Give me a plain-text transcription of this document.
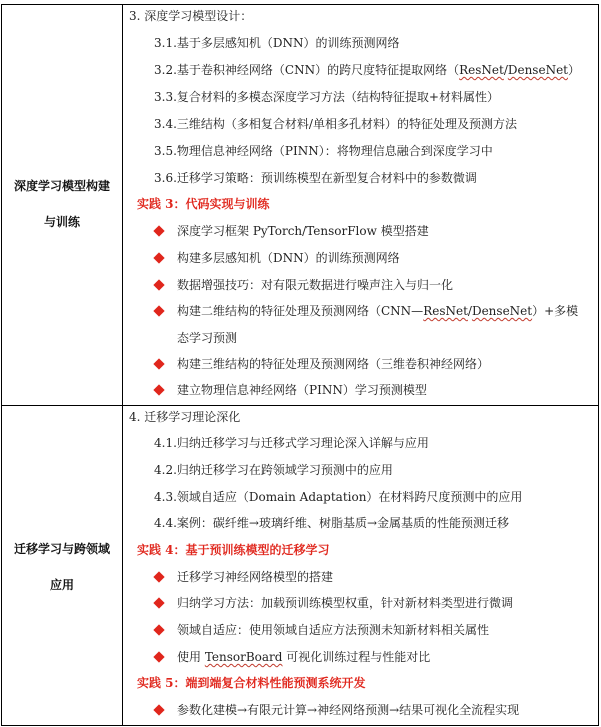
深度学习模型构建
与训练
3. 深度学习模型设计：
3.1.基于多层感知机（DNN）的训练预测网络
3.2.基于卷积神经网络（CNN）的跨尺度特征提取网络（ResNet/DenseNet）
3.3.复合材料的多模态深度学习方法（结构特征提取+材料属性）
3.4.三维结构（多相复合材料/单相多孔材料）的特征处理及预测方法
3.5.物理信息神经网络（PINN）：将物理信息融合到深度学习中
3.6.迁移学习策略：预训练模型在新型复合材料中的参数微调
实践 3：代码实现与训练
深度学习框架 PyTorch/TensorFlow 模型搭建
构建多层感知机（DNN）的训练预测网络
数据增强技巧：对有限元数据进行噪声注入与归一化
构建二维结构的特征处理及预测网络（CNN—ResNet/DenseNet）+多模
态学习预测
构建三维结构的特征处理及预测网络（三维卷积神经网络）
建立物理信息神经网络（PINN）学习预测模型
迁移学习与跨领域
应用
4. 迁移学习理论深化
4.1.归纳迁移学习与迁移式学习理论深入详解与应用
4.2.归纳迁移学习在跨领域学习预测中的应用
4.3.领域自适应（Domain Adaptation）在材料跨尺度预测中的应用
4.4.案例：碳纤维→玻璃纤维、树脂基质→金属基质的性能预测迁移
实践 4：基于预训练模型的迁移学习
迁移学习神经网络模型的搭建
归纳学习方法：加载预训练模型权重，针对新材料类型进行微调
领域自适应：使用领域自适应方法预测未知新材料相关属性
使用 TensorBoard 可视化训练过程与性能对比
实践 5：端到端复合材料性能预测系统开发
参数化建模→有限元计算→神经网络预测→结果可视化全流程实现
